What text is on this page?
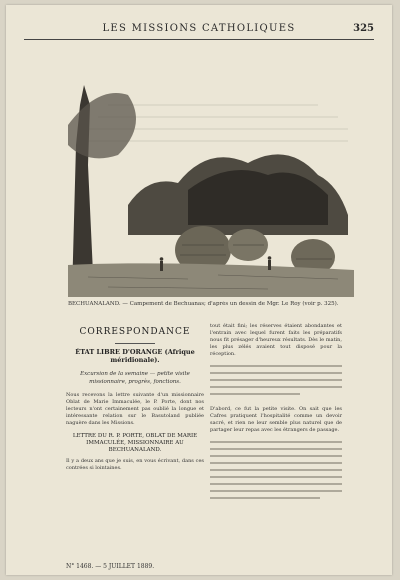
LES MISSIONS CATHOLIQUES	325
BECHUANALAND. — Campement de Bechuanas; d'après un dessin de Mgr. Le Roy (voir p. 325).
CORRESPONDANCE
ÉTAT LIBRE D'ORANGE (Afrique méridionale).
Excursion de la semaine — petite visite missionnaire, progrès, fonctions.

Nous recevons la lettre suivante d'un missionnaire Oblat de Marie Immaculée, le P. Porte, dont nos lecteurs n'ont certainement pas oublié la longue et intéressante relation sur le Basutoland publiée naguère dans les Missions.

LETTRE DU R. P. PORTE, OBLAT DE MARIE IMMACULÉE, MISSIONNAIRE AU BECHUANALAND.

Il y a deux ans que je suis, en vous écrivant, dans ces contrées si lointaines.

tout était fini; les réserves étaient abondantes et l'entrain avec lequel furent faits les préparatifs nous fit présager d'heureux résultats. Dès le matin, les plus zélés avaient tout disposé pour la réception.

D'abord, ce fut la petite visite. On sait que les Cafres pratiquent l'hospitalité comme un devoir sacré, et rien ne leur semble plus naturel que de partager leur repas avec les étrangers de passage.

N° 1468. — 5 JUILLET 1889.
